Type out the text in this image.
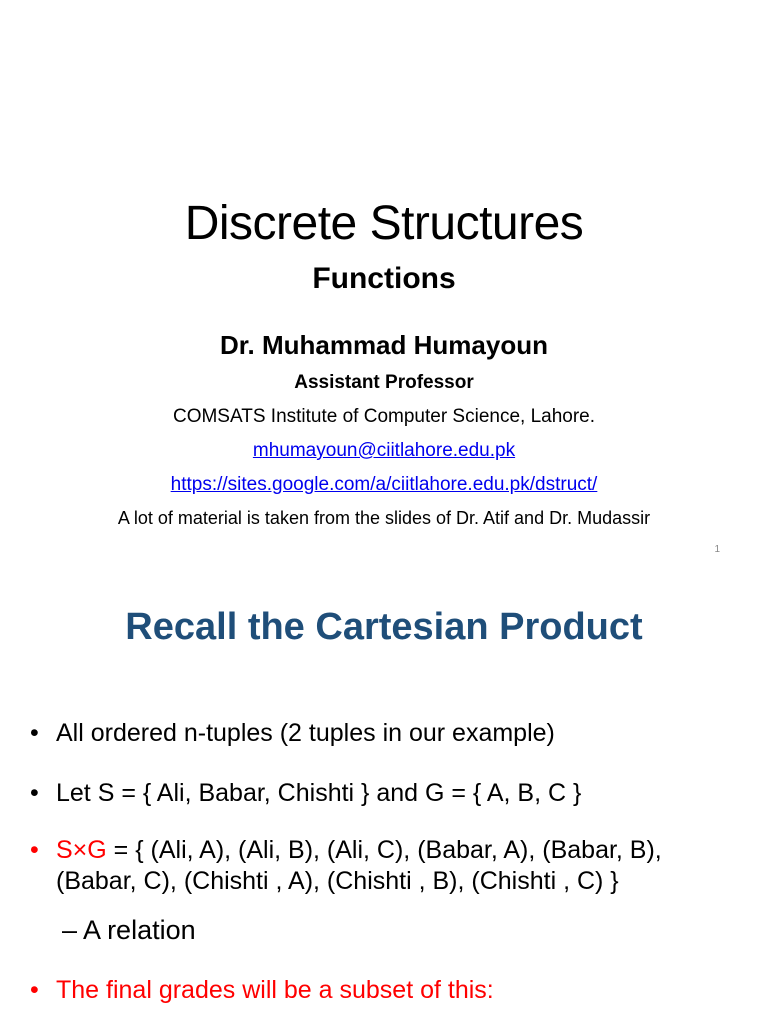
Discrete Structures
Functions
Dr. Muhammad Humayoun
Assistant Professor
COMSATS Institute of Computer Science, Lahore.
mhumayoun@ciitlahore.edu.pk
https://sites.google.com/a/ciitlahore.edu.pk/dstruct/
A lot of material is taken from the slides of Dr. Atif and Dr. Mudassir
1
Recall the Cartesian Product
• All ordered n-tuples (2 tuples in our example)
• Let S = { Ali, Babar, Chishti } and G = { A, B, C }
• S×G = { (Ali, A), (Ali, B), (Ali, C), (Babar, A), (Babar, B),
(Babar, C), (Chishti , A), (Chishti , B), (Chishti , C) }
– A relation
• The final grades will be a subset of this:
